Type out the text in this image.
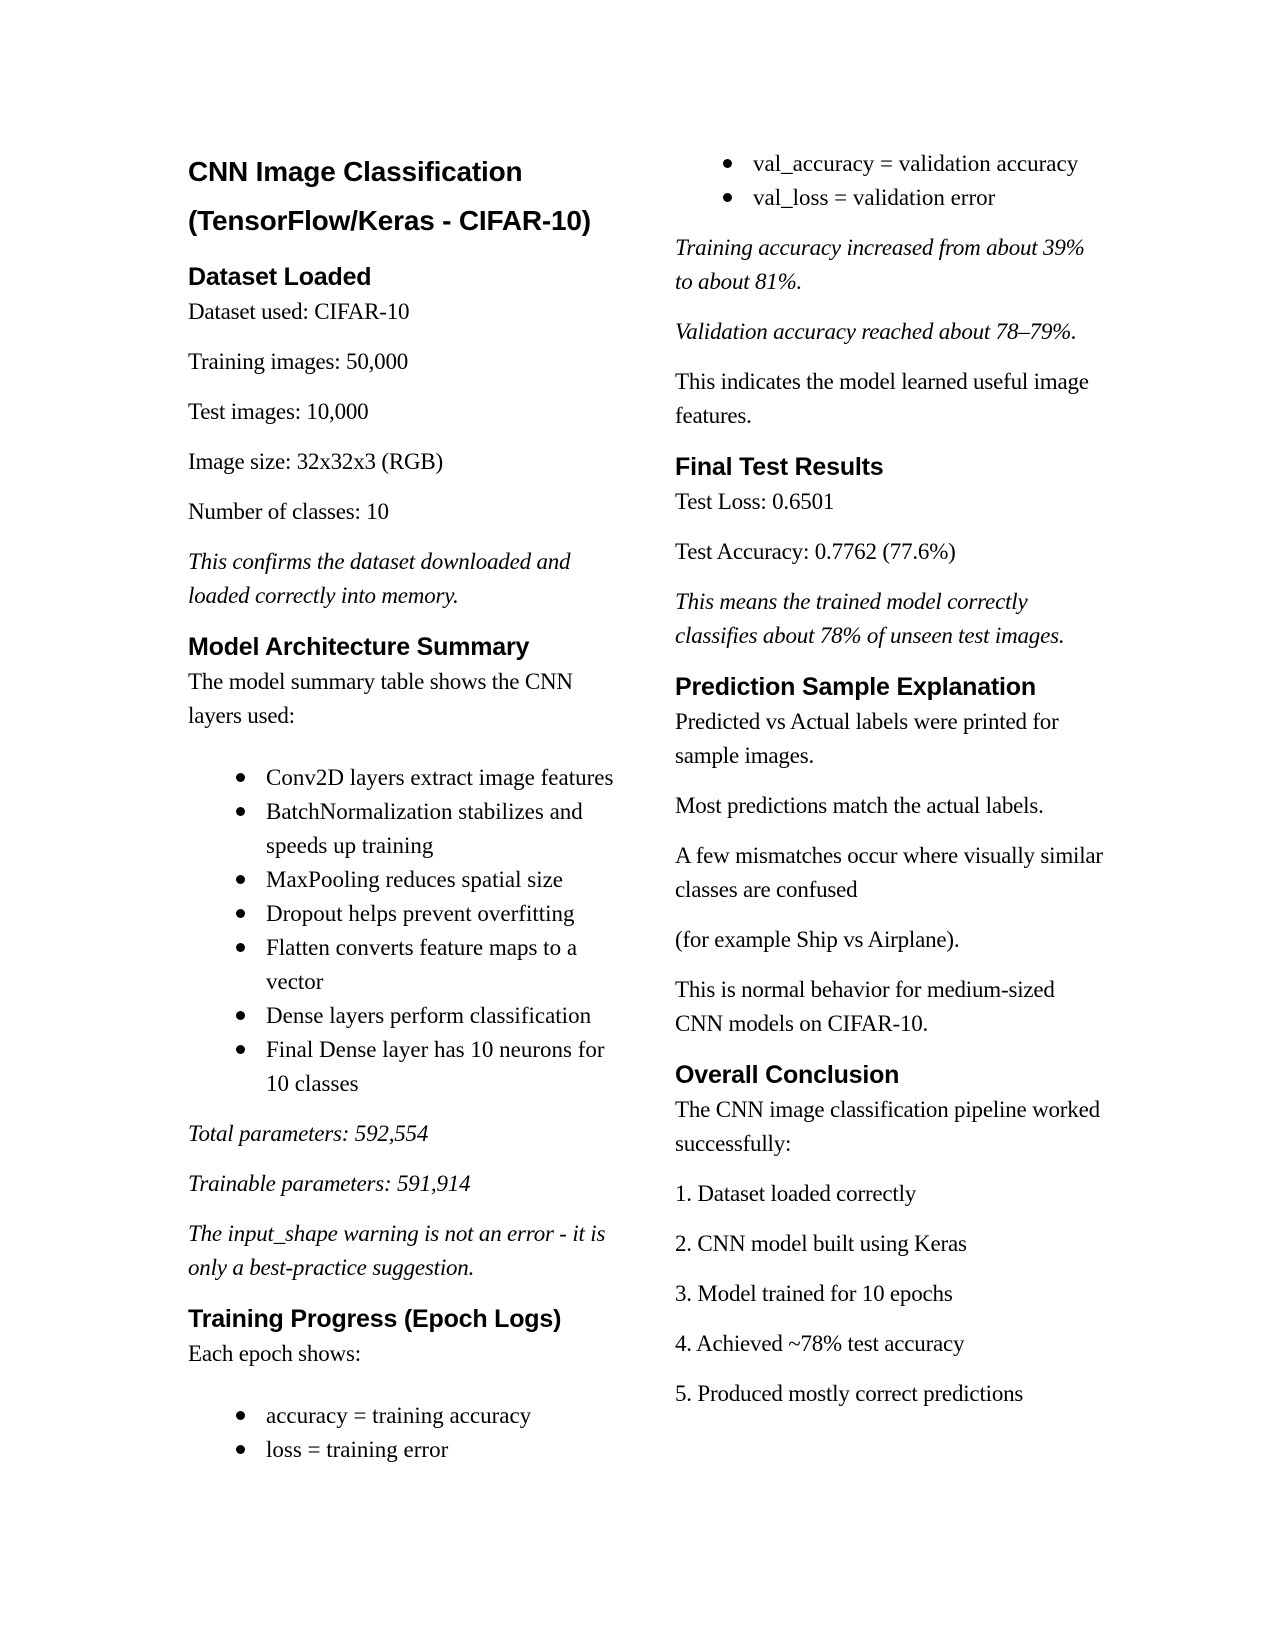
CNN Image Classification (TensorFlow/Keras - CIFAR-10)
Dataset Loaded

Dataset used: CIFAR-10

Training images: 50,000

Test images: 10,000

Image size: 32x32x3 (RGB)

Number of classes: 10

This confirms the dataset downloaded and loaded correctly into memory.

Model Architecture Summary

The model summary table shows the CNN layers used:

Conv2D layers extract image features
BatchNormalization stabilizes and speeds up training
MaxPooling reduces spatial size
Dropout helps prevent overfitting
Flatten converts feature maps to a vector
Dense layers perform classification
Final Dense layer has 10 neurons for 10 classes

Total parameters: 592,554

Trainable parameters: 591,914

The input_shape warning is not an error - it is only a best-practice suggestion.

Training Progress (Epoch Logs)

Each epoch shows:

accuracy = training accuracy
loss = training error
val_accuracy = validation accuracy
val_loss = validation error

Training accuracy increased from about 39% to about 81%.

Validation accuracy reached about 78–79%.

This indicates the model learned useful image features.

Final Test Results

Test Loss: 0.6501

Test Accuracy: 0.7762 (77.6%)

This means the trained model correctly classifies about 78% of unseen test images.

Prediction Sample Explanation

Predicted vs Actual labels were printed for sample images.

Most predictions match the actual labels.

A few mismatches occur where visually similar classes are confused

(for example Ship vs Airplane).

This is normal behavior for medium-sized CNN models on CIFAR-10.

Overall Conclusion

The CNN image classification pipeline worked successfully:

1. Dataset loaded correctly

2. CNN model built using Keras

3. Model trained for 10 epochs

4. Achieved ~78% test accuracy

5. Produced mostly correct predictions
